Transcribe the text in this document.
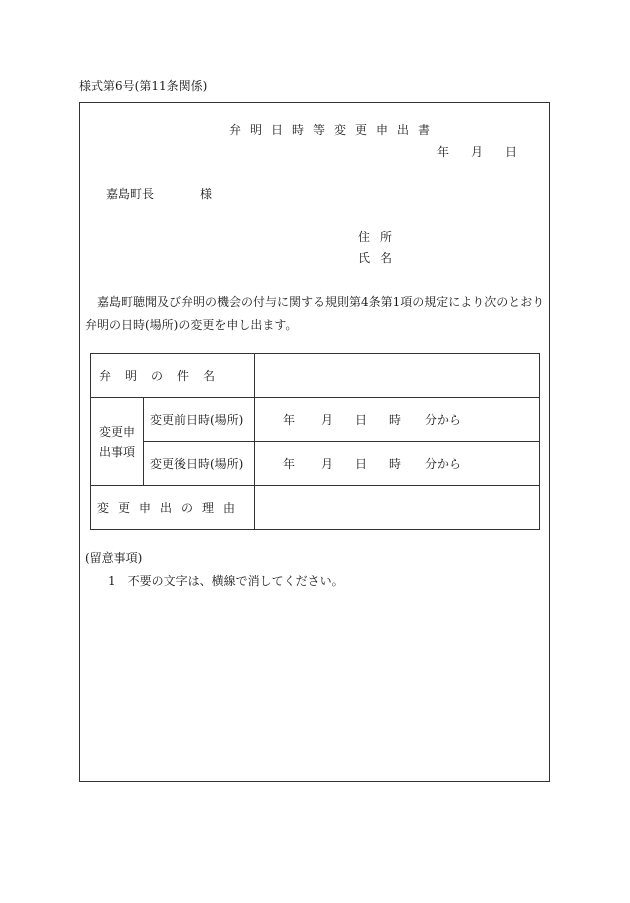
様式第6号(第11条関係)
弁明日時等変更申出書
年 月 日
嘉島町長	様
住所
氏名
嘉島町聴聞及び弁明の機会の付与に関する規則第4条第1項の規定により次のとおり弁明の日時(場所)の変更を申し出ます。
弁明の件名		

変更申
出事項	変更前日時(場所)	年 月 日 時 分から
	変更後日時(場所)	年 月 日 時 分から
変更申出の理由		
(留意事項)
1　不要の文字は、横線で消してください。
